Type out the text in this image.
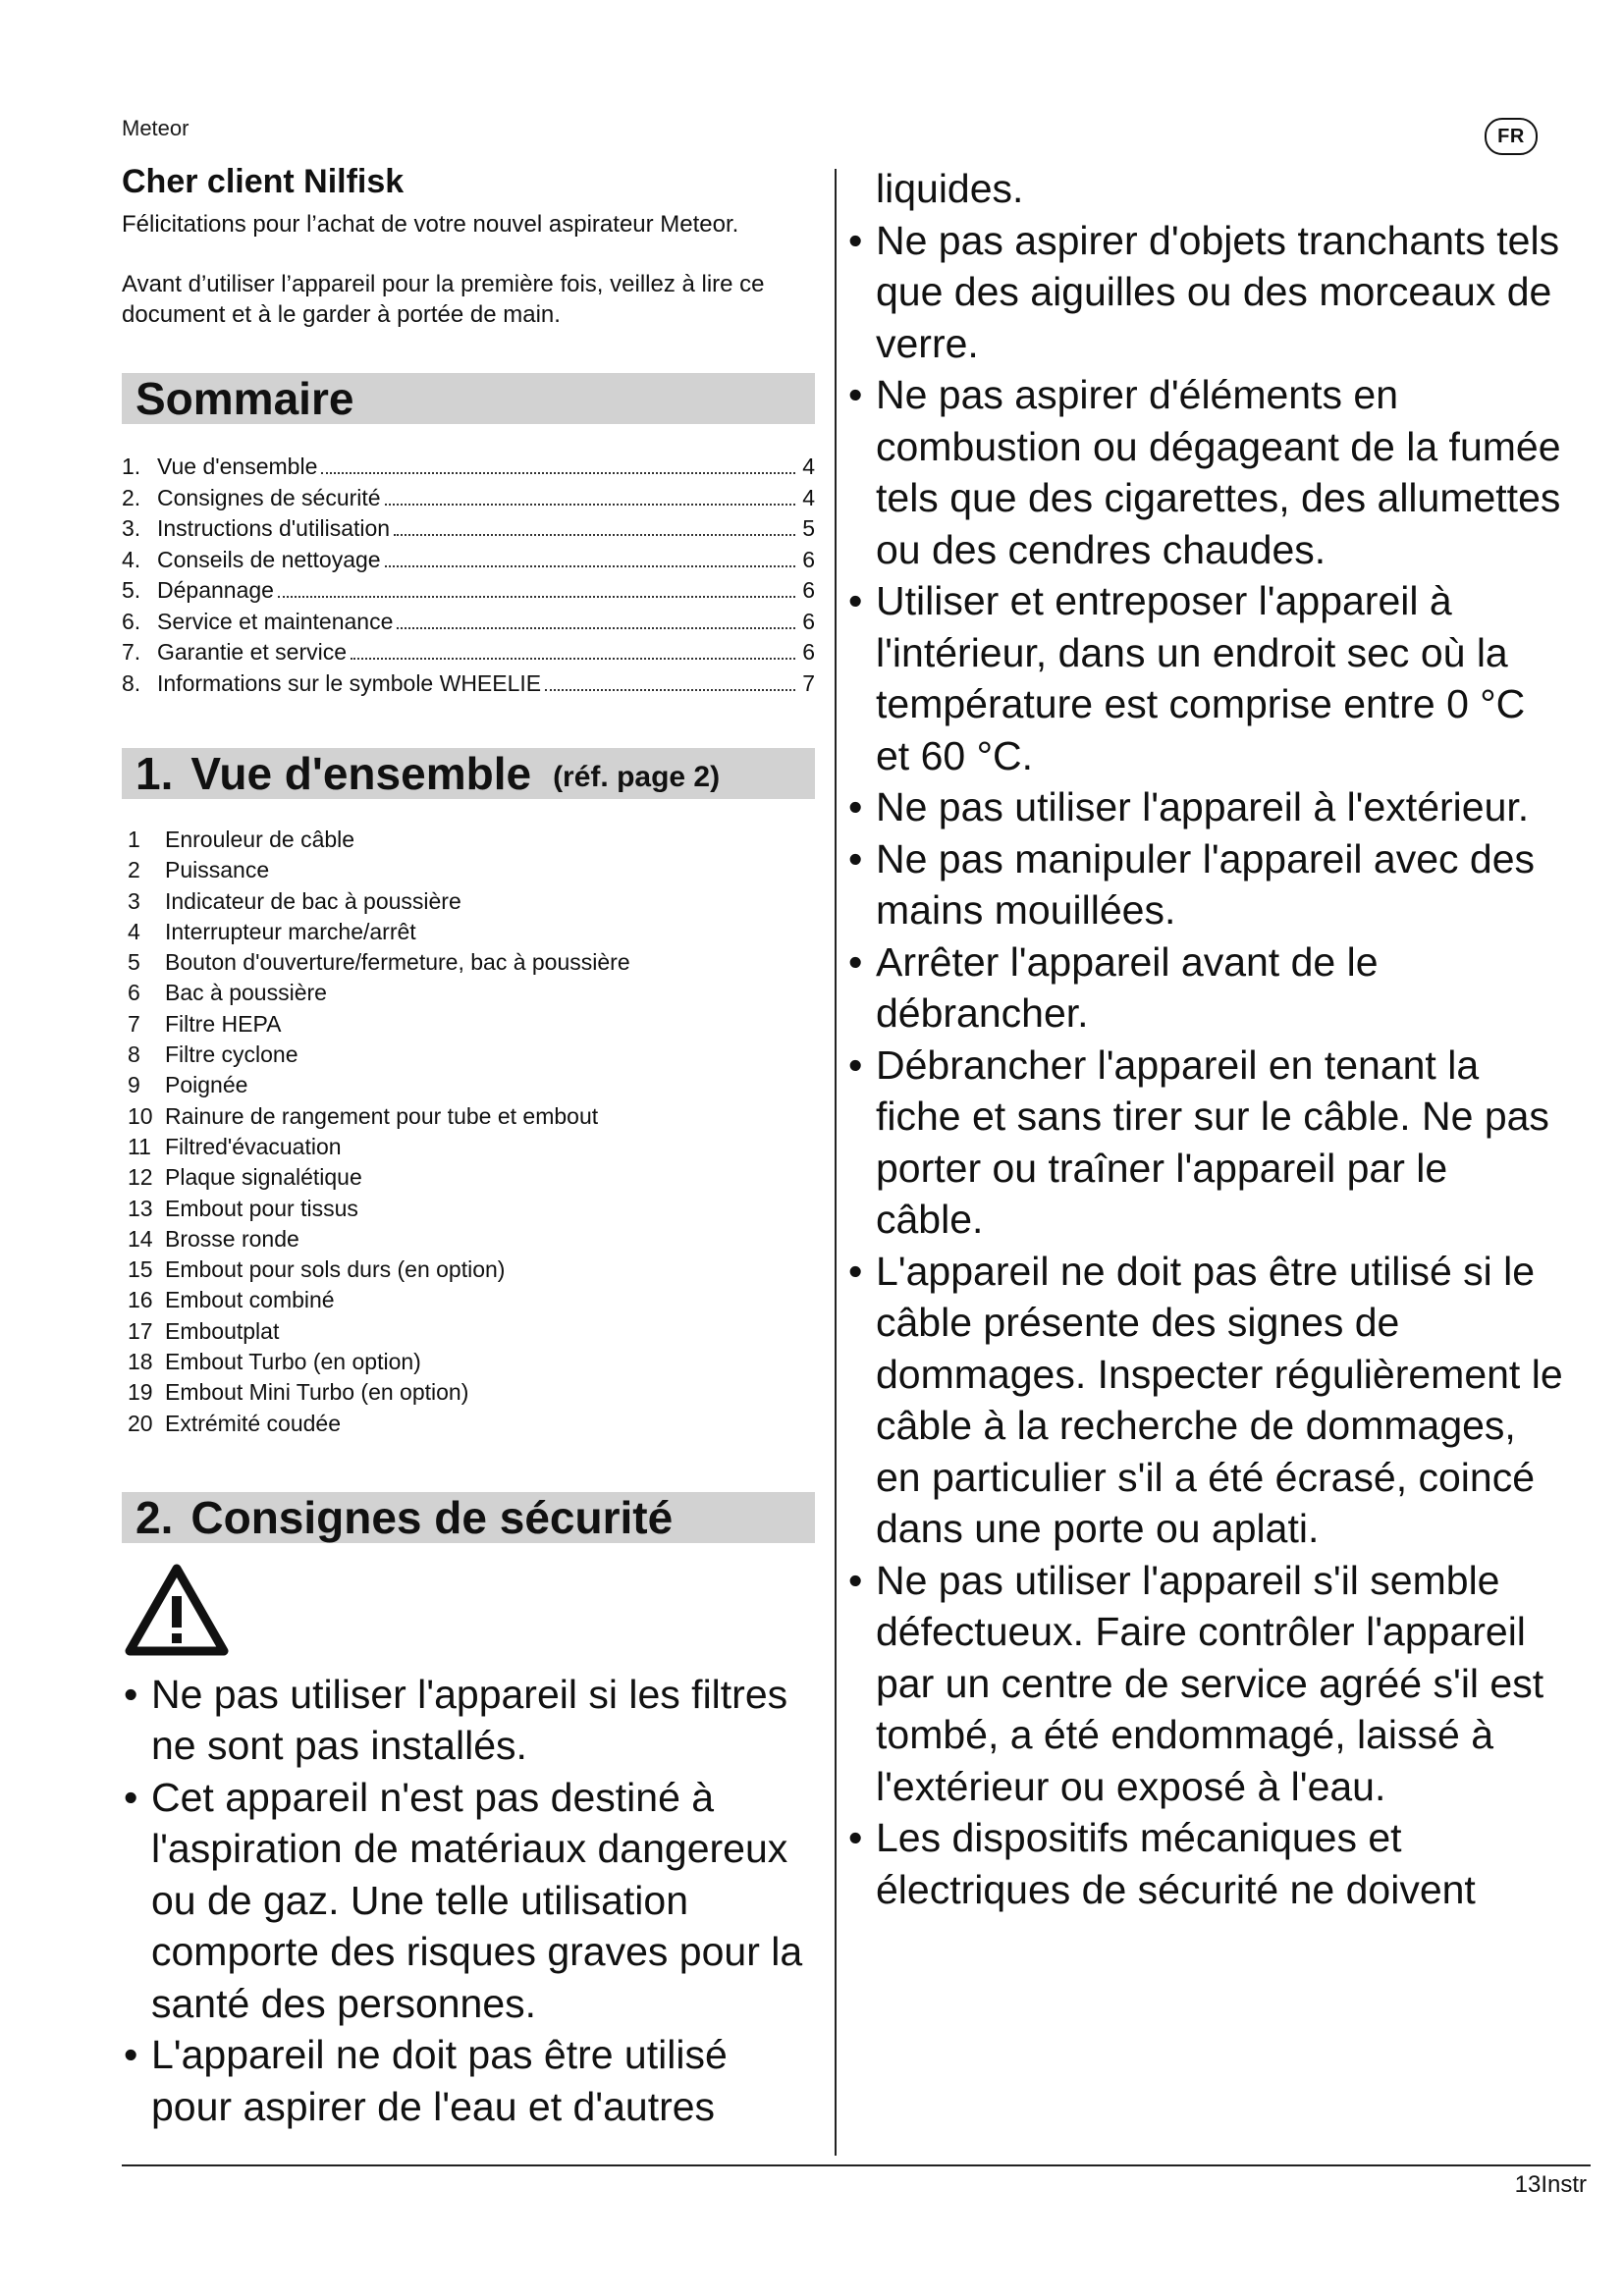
Meteor	FR
Cher client Nilfisk

Félicitations pour l’achat de votre nouvel aspirateur Meteor.

Avant d’utiliser l’appareil pour la première fois, veillez à lire ce document et à le garder à portée de main.

Sommaire
1. Vue d'ensemble	4
2. Consignes de sécurité	4
3. Instructions d'utilisation	5
4. Conseils de nettoyage	6
5. Dépannage	6
6. Service et maintenance	6
7. Garantie et service	6
8. Informations sur le symbole WHEELIE	7
1. Vue d'ensemble (réf. page 2)
1	Enrouleur de câble
2	Puissance
3	Indicateur de bac à poussière
4	Interrupteur marche/arrêt
5	Bouton d'ouverture/fermeture, bac à poussière
6	Bac à poussière
7	Filtre HEPA
8	Filtre cyclone
9	Poignée
10 Rainure de rangement pour tube et embout
11 Filtred'évacuation
12 Plaque signalétique
13 Embout pour tissus
14 Brosse ronde
15 Embout pour sols durs (en option)
16 Embout combiné
17 Emboutplat
18 Embout Turbo (en option)
19 Embout Mini Turbo (en option)
20 Extrémité coudée
2. Consignes de sécurité
• Ne pas utiliser l'appareil si les filtres ne sont pas installés.
• Cet appareil n'est pas destiné à l'aspiration de matériaux dangereux ou de gaz. Une telle utilisation comporte des risques graves pour la santé des personnes.
• L'appareil ne doit pas être utilisé pour aspirer de l'eau et d'autres

liquides.

• Ne pas aspirer d'objets tranchants tels que des aiguilles ou des morceaux de verre.
• Ne pas aspirer d'éléments en combustion ou dégageant de la fumée tels que des cigarettes, des allumettes ou des cendres chaudes.
• Utiliser et entreposer l'appareil à l'intérieur, dans un endroit sec où la température est comprise entre 0 °C et 60 °C.
• Ne pas utiliser l'appareil à l'extérieur.
• Ne pas manipuler l'appareil avec des mains mouillées.
• Arrêter l'appareil avant de le débrancher.
• Débrancher l'appareil en tenant la fiche et sans tirer sur le câble. Ne pas porter ou traîner l'appareil par le câble.
• L'appareil ne doit pas être utilisé si le câble présente des signes de dommages. Inspecter régulièrement le câble à la recherche de dommages, en particulier s'il a été écrasé, coincé dans une porte ou aplati.
• Ne pas utiliser l'appareil s'il semble défectueux. Faire contrôler l'appareil par un centre de service agréé s'il est tombé, a été endommagé, laissé à l'extérieur ou exposé à l'eau.
• Les dispositifs mécaniques et électriques de sécurité ne doivent
13Instr
